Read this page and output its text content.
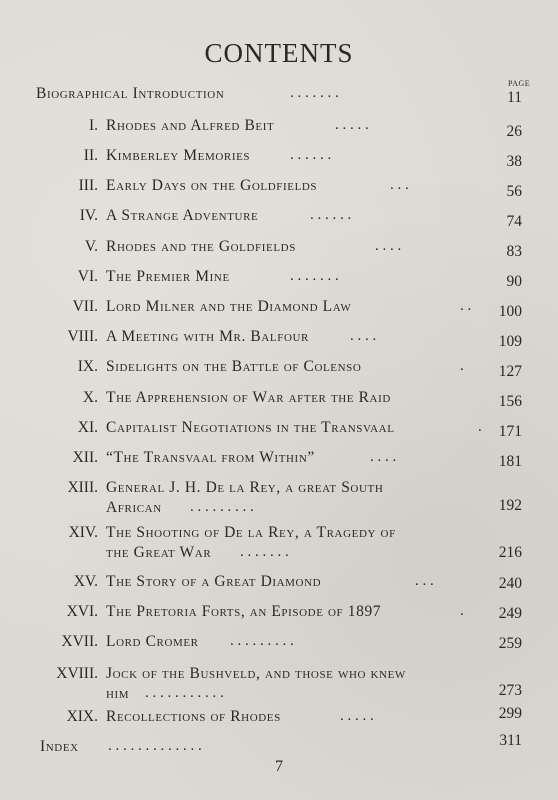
CONTENTS
PAGE
Biographical Introduction	. . . . . . .	11
I. Rhodes and Alfred Beit	. . . . .	26
II. Kimberley Memories	. . . . . .	38
III. Early Days on the Goldfields	. . .	56
IV. A Strange Adventure	. . . . . .	74
V. Rhodes and the Goldfields	. . . .	83
VI. The Premier Mine	. . . . . . .	90
VII. Lord Milner and the Diamond Law	. .	100
VIII. A Meeting with Mr. Balfour	. . . .	109
IX. Sidelights on the Battle of Colenso	.	127
X. The Apprehension of War after the Raid	156
XI. Capitalist Negotiations in the Transvaal	.	171
XII. “The Transvaal from Within”	. . . .	181
XIII. General J. H. De la Rey, a great South
African . . . . . . . . .	192
XIV. The Shooting of De la Rey, a Tragedy of
the Great War . . . . . . .	216
XV. The Story of a Great Diamond	. . .	240
XVI. The Pretoria Forts, an Episode of 1897	.	249
XVII. Lord Cromer . . . . . . . . .	259
XVIII. Jock of the Bushveld, and those who knew
him . . . . . . . . . . .	273
XIX. Recollections of Rhodes	. . . . .	299
Index . . . . . . . . . . . . .	311
7
